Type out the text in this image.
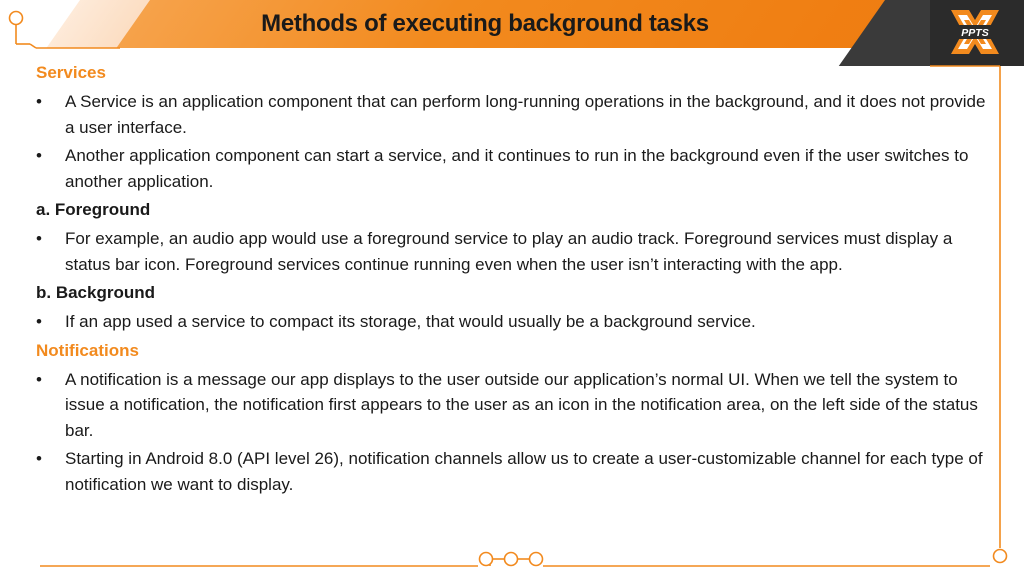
Methods of executing background tasks	PPTS
Services
•	A Service is an application component that can perform long-running operations in the background, and it does not provide a user interface.
•	Another application component can start a service, and it continues to run in the background even if the user switches to another application.
a. Foreground
•	For example, an audio app would use a foreground service to play an audio track. Foreground services must display a status bar icon. Foreground services continue running even when the user isn’t interacting with the app.
b. Background
•	If an app used a service to compact its storage, that would usually be a background service.
Notifications
•	A notification is a message our app displays to the user outside our application’s normal UI. When we tell the system to issue a notification, the notification first appears to the user as an icon in the notification area, on the left side of the status bar.
•	Starting in Android 8.0 (API level 26), notification channels allow us to create a user-customizable channel for each type of notification we want to display.
